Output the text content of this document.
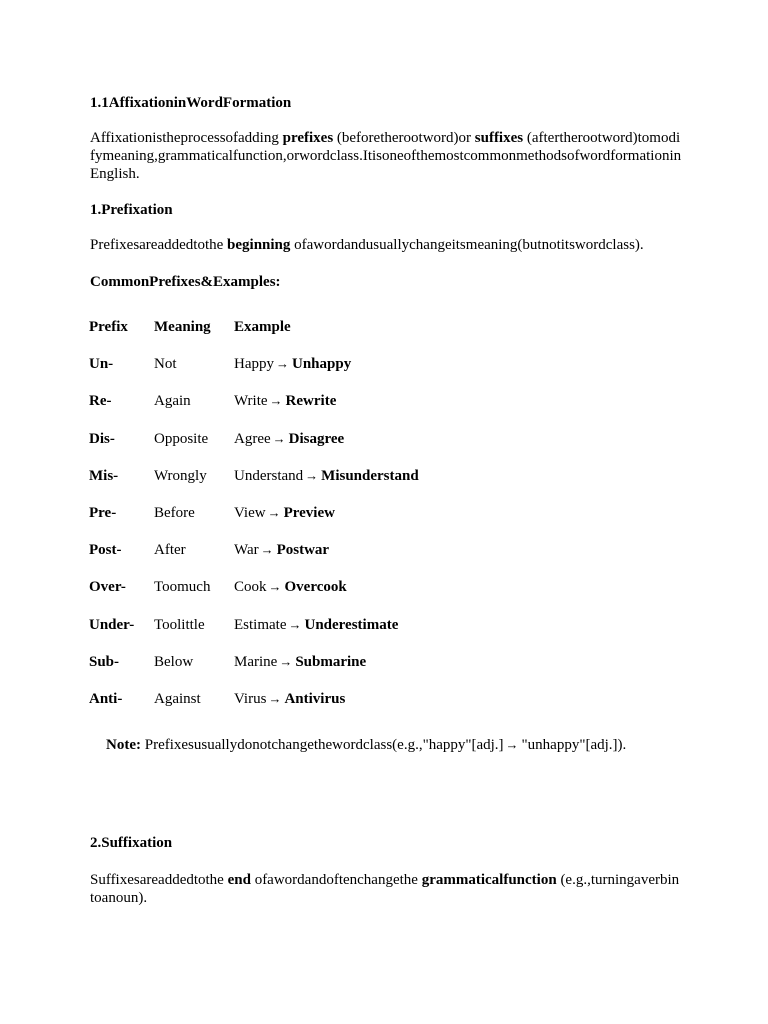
1.1AffixationinWordFormation
Affixationistheprocessofadding prefixes (beforetherootword)or suffixes (aftertherootword)tomodifymeaning,grammaticalfunction,orwordclass.Itisoneofthemostcommonmethodsofwordformationin English.
1.Prefixation
Prefixesareaddedtothe beginning ofawordandusuallychangeitsmeaning(butnotitswordclass).
CommonPrefixes&Examples:
Prefix Meaning Example
Un-	Not	Happy → Unhappy
Re-	Again	Write → Rewrite
Dis-	Opposite Agree → Disagree
Mis- Wrongly Understand → Misunderstand
Pre-	Before	View → Preview
Post- After	War → Postwar
Over- Toomuch Cook → Overcook
Under- Toolittle Estimate → Underestimate
Sub- Below	Marine → Submarine
Anti- Against Virus → Antivirus
Note: Prefixesusuallydonotchangethewordclass(e.g.,"happy"[adj.] → "unhappy"[adj.]).
2.Suffixation
Suffixesareaddedtothe end ofawordandoftenchangethe grammaticalfunction (e.g.,turningaverbintoanoun).
